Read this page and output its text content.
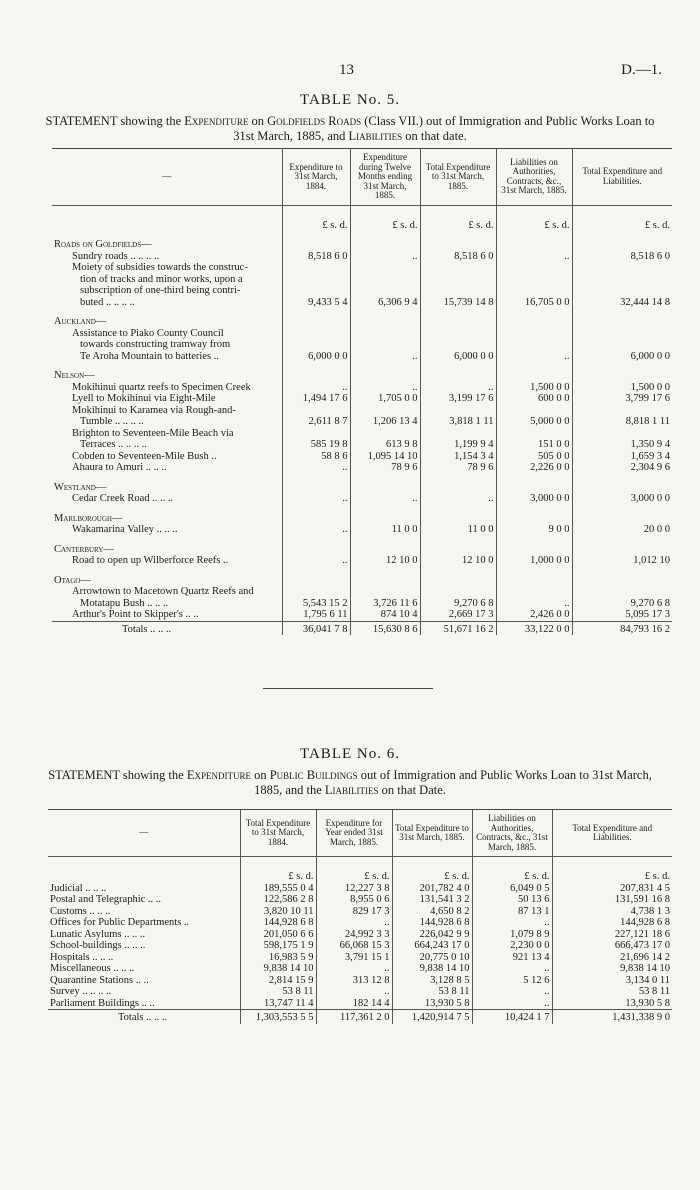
13	D.—1.
TABLE No. 5.
STATEMENT showing the Expenditure on Goldfields Roads (Class VII.) out of Immigration and Public Works Loan to 31st March, 1885, and Liabilities on that date.
—	Expenditure to 31st March, 1884.	Expenditure during Twelve Months ending 31st March, 1885.	Total Expenditure to 31st March, 1885.	Liabilities on Authorities, Contracts, &c., 31st March, 1885.	Total Expenditure and Liabilities.
	£ s. d.	£ s. d.	£ s. d.	£ s. d.	£ s. d.
Roads on Goldfields—					
Sundry roads .. .. .. ..	8,518 6 0	..	8,518 6 0	..	8,518 6 0
Moiety of subsidies towards the construc-					
tion of tracks and minor works, upon a					
subscription of one-third being contri-					
buted .. .. .. ..	9,433 5 4	6,306 9 4	15,739 14 8	16,705 0 0	32,444 14 8
Auckland—					
Assistance to Piako County Council					
towards constructing tramway from					
Te Aroha Mountain to batteries ..	6,000 0 0	..	6,000 0 0	..	6,000 0 0
Nelson—					
Mokihinui quartz reefs to Specimen Creek	..	..	..	1,500 0 0	1,500 0 0
Lyell to Mokihinui via Eight-Mile	1,494 17 6	1,705 0 0	3,199 17 6	600 0 0	3,799 17 6
Mokihinui to Karamea via Rough-and-					
Tumble .. .. .. ..	2,611 8 7	1,206 13 4	3,818 1 11	5,000 0 0	8,818 1 11
Brighton to Seventeen-Mile Beach via					
Terraces .. .. .. ..	585 19 8	613 9 8	1,199 9 4	151 0 0	1,350 9 4
Cobden to Seventeen-Mile Bush ..	58 8 6	1,095 14 10	1,154 3 4	505 0 0	1,659 3 4
Ahaura to Amuri .. .. ..	..	78 9 6	78 9 6	2,226 0 0	2,304 9 6
Westland—					
Cedar Creek Road .. .. ..	..	..	..	3,000 0 0	3,000 0 0
Marlborough—					
Wakamarina Valley .. .. ..	..	11 0 0	11 0 0	9 0 0	20 0 0
Canterbury—					
Road to open up Wilberforce Reefs ..	..	12 10 0	12 10 0	1,000 0 0	1,012 10
Otago—					
Arrowtown to Macetown Quartz Reefs and					
Motatapu Bush .. .. ..	5,543 15 2	3,726 11 6	9,270 6 8	..	9,270 6 8
Arthur's Point to Skipper's .. ..	1,795 6 11	874 10 4	2,669 17 3	2,426 0 0	5,095 17 3
Totals .. .. ..	36,041 7 8	15,630 8 6	51,671 16 2	33,122 0 0	84,793 16 2
TABLE No. 6.
STATEMENT showing the Expenditure on Public Buildings out of Immigration and Public Works Loan to 31st March, 1885, and the Liabilities on that Date.
—	Total Expenditure to 31st March, 1884.	Expenditure for Year ended 31st March, 1885.	Total Expenditure to 31st March, 1885.	Liabilities on Authorities, Contracts, &c., 31st March, 1885.	Total Expenditure and Liabilities.
	£ s. d.	£ s. d.	£ s. d.	£ s. d.	£ s. d.
Judicial .. .. ..	189,555 0 4	12,227 3 8	201,782 4 0	6,049 0 5	207,831 4 5
Postal and Telegraphic .. ..	122,586 2 8	8,955 0 6	131,541 3 2	50 13 6	131,591 16 8
Customs .. .. ..	3,820 10 11	829 17 3	4,650 8 2	87 13 1	4,738 1 3
Offices for Public Departments ..	144,928 6 8	..	144,928 6 8	..	144,928 6 8
Lunatic Asylums .. .. ..	201,050 6 6	24,992 3 3	226,042 9 9	1,079 8 9	227,121 18 6
School-buildings .. .. ..	598,175 1 9	66,068 15 3	664,243 17 0	2,230 0 0	666,473 17 0
Hospitals .. .. ..	16,983 5 9	3,791 15 1	20,775 0 10	921 13 4	21,696 14 2
Miscellaneous .. .. ..	9,838 14 10	..	9,838 14 10	..	9,838 14 10
Quarantine Stations .. ..	2,814 15 9	313 12 8	3,128 8 5	5 12 6	3,134 0 11
Survey .. .. .. ..	53 8 11	..	53 8 11	..	53 8 11
Parliament Buildings .. ..	13,747 11 4	182 14 4	13,930 5 8	..	13,930 5 8
Totals .. .. ..	1,303,553 5 5	117,361 2 0	1,420,914 7 5	10,424 1 7	1,431,338 9 0
